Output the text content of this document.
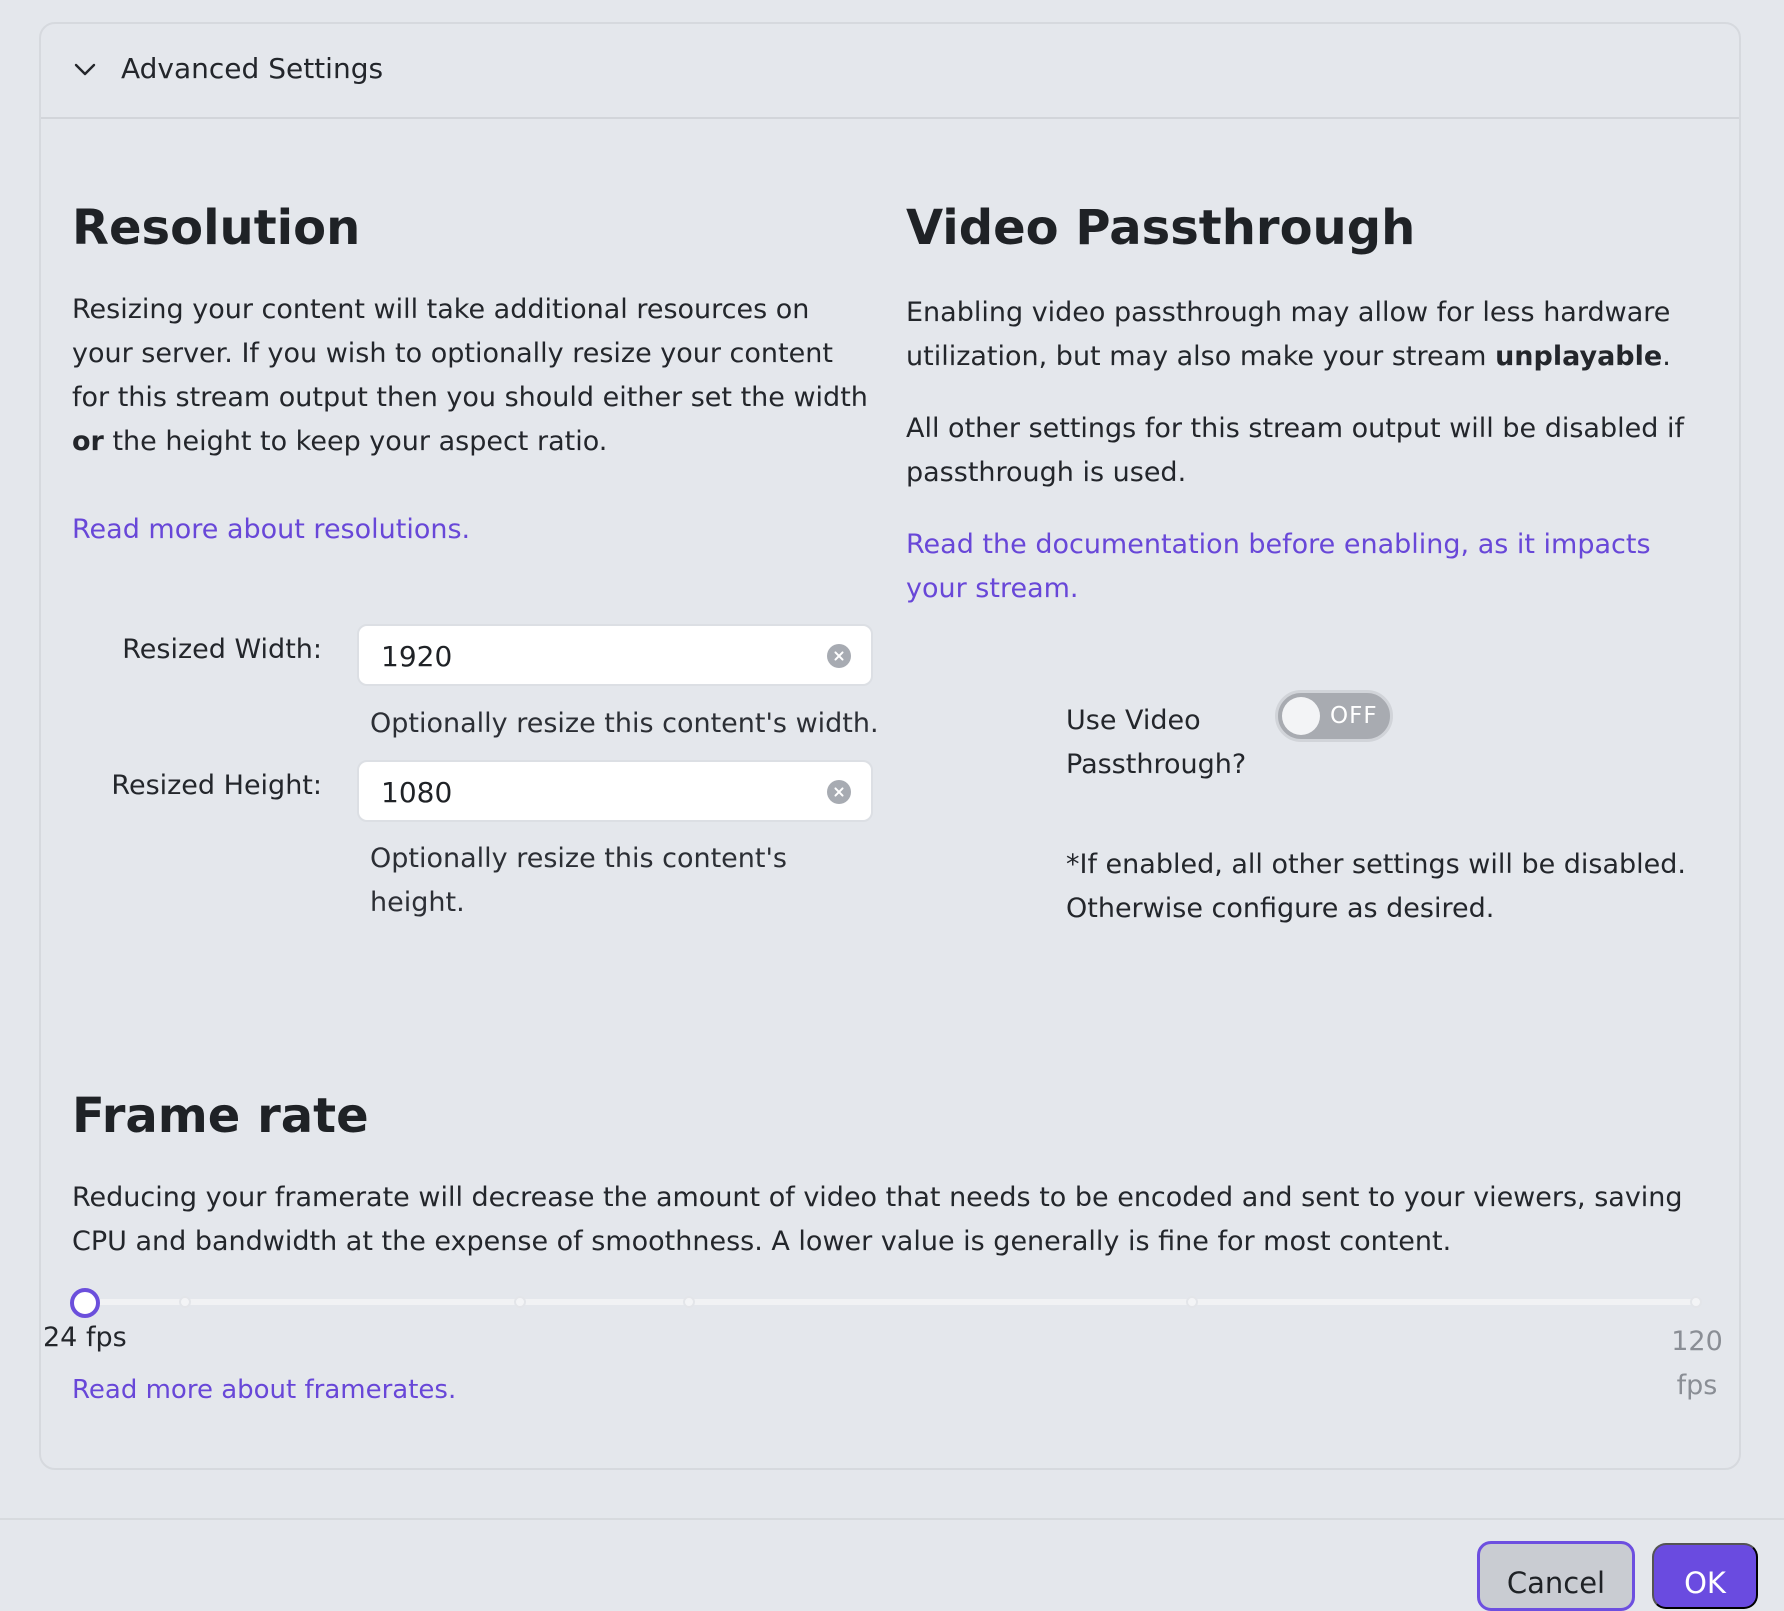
Advanced Settings
Resolution

Resizing your content will take additional resources on your server. If you wish to optionally resize your content for this stream output then you should either set the width or the height to keep your aspect ratio.

Read more about resolutions.
Resized Width:
1920
Optionally resize this content's width.
Resized Height:
1080
Optionally resize this content's height.
Video Passthrough

Enabling video passthrough may allow for less hardware utilization, but may also make your stream unplayable.

All other settings for this stream output will be disabled if passthrough is used.

Read the documentation before enabling, as it impacts your stream.
Use Video Passthrough?
OFF

*If enabled, all other settings will be disabled. Otherwise configure as desired.

Frame rate

Reducing your framerate will decrease the amount of video that needs to be encoded and sent to your viewers, saving CPU and bandwidth at the expense of smoothness. A lower value is generally is fine for most content.

24 fps	120 fps
Read more about framerates.
Cancel	OK
